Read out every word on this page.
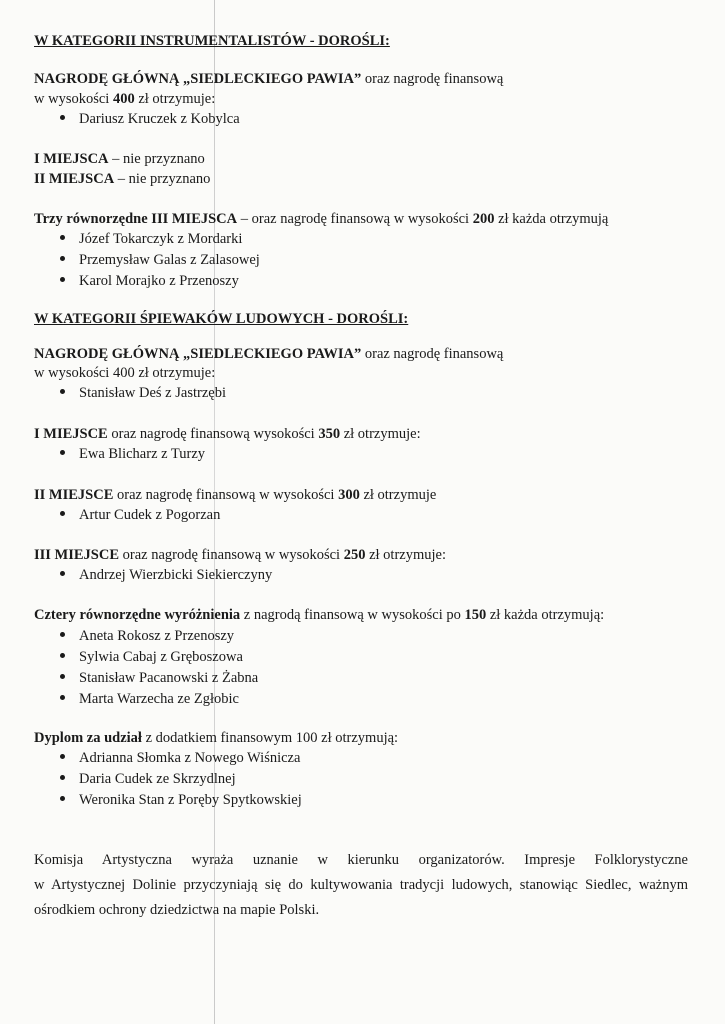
W KATEGORII INSTRUMENTALISTÓW - DOROŚLI:
NAGRODĘ GŁÓWNĄ „SIEDLECKIEGO PAWIA” oraz nagrodę finansową
w wysokości 400 zł otrzymuje:
Dariusz Kruczek z Kobylca
I MIEJSCA – nie przyznano
II MIEJSCA – nie przyznano
Trzy równorzędne III MIEJSCA – oraz nagrodę finansową w wysokości 200 zł każda otrzymują
Józef Tokarczyk z Mordarki
Przemysław Galas z Zalasowej
Karol Morajko z Przenoszy
W KATEGORII ŚPIEWAKÓW LUDOWYCH - DOROŚLI:
NAGRODĘ GŁÓWNĄ „SIEDLECKIEGO PAWIA” oraz nagrodę finansową
w wysokości 400 zł otrzymuje:
Stanisław Deś z Jastrzębi
I MIEJSCE oraz nagrodę finansową wysokości 350 zł otrzymuje:
Ewa Blicharz z Turzy
II MIEJSCE oraz nagrodę finansową w wysokości 300 zł otrzymuje
Artur Cudek z Pogorzan
III MIEJSCE oraz nagrodę finansową w wysokości 250 zł otrzymuje:
Andrzej Wierzbicki Siekierczyny
Cztery równorzędne wyróżnienia z nagrodą finansową w wysokości po 150 zł każda otrzymują:
Aneta Rokosz z Przenoszy
Sylwia Cabaj z Gręboszowa
Stanisław Pacanowski z Żabna
Marta Warzecha ze Zgłobic
Dyplom za udział z dodatkiem finansowym 100 zł otrzymują:
Adrianna Słomka z Nowego Wiśnicza
Daria Cudek ze Skrzydlnej
Weronika Stan z Poręby Spytkowskiej
Komisja Artystyczna wyraża uznanie w kierunku organizatorów. Impresje Folklorystyczne
w Artystycznej Dolinie przyczyniają się do kultywowania tradycji ludowych, stanowiąc Siedlec, ważnym
ośrodkiem ochrony dziedzictwa na mapie Polski.
